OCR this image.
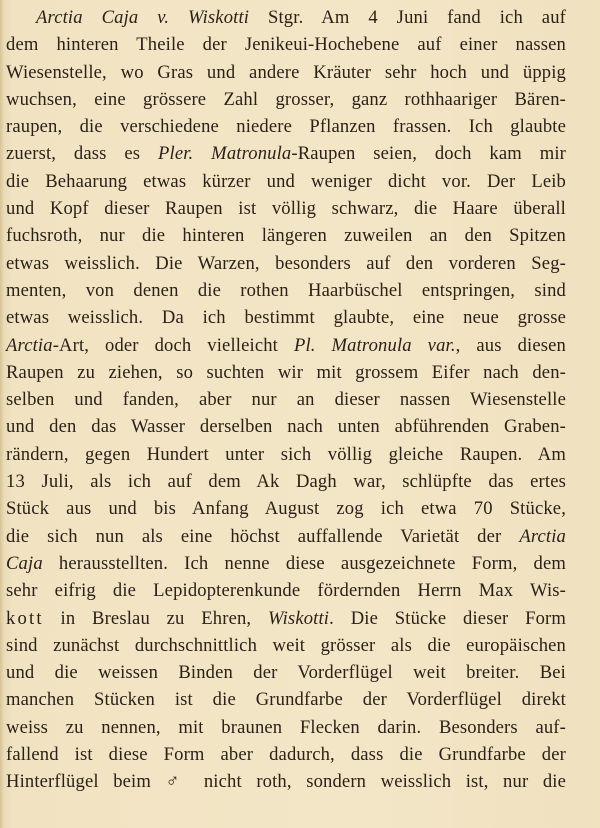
Arctia Caja v. Wiskotti Stgr. Am 4 Juni fand ich auf
dem hinteren Theile der Jenikeui-Hochebene auf einer nassen
Wiesenstelle, wo Gras und andere Kräuter sehr hoch und üppig
wuchsen, eine grössere Zahl grosser, ganz rothhaariger Bären-
raupen, die verschiedene niedere Pflanzen frassen. Ich glaubte
zuerst, dass es Pler. Matronula-Raupen seien, doch kam mir
die Behaarung etwas kürzer und weniger dicht vor. Der Leib
und Kopf dieser Raupen ist völlig schwarz, die Haare überall
fuchsroth, nur die hinteren längeren zuweilen an den Spitzen
etwas weisslich. Die Warzen, besonders auf den vorderen Seg-
menten, von denen die rothen Haarbüschel entspringen, sind
etwas weisslich. Da ich bestimmt glaubte, eine neue grosse
Arctia-Art, oder doch vielleicht Pl. Matronula var., aus diesen
Raupen zu ziehen, so suchten wir mit grossem Eifer nach den-
selben und fanden, aber nur an dieser nassen Wiesenstelle
und den das Wasser derselben nach unten abführenden Graben-
rändern, gegen Hundert unter sich völlig gleiche Raupen. Am
13 Juli, als ich auf dem Ak Dagh war, schlüpfte das ertes
Stück aus und bis Anfang August zog ich etwa 70 Stücke,
die sich nun als eine höchst auffallende Varietät der Arctia
Caja herausstellten. Ich nenne diese ausgezeichnete Form, dem
sehr eifrig die Lepidopterenkunde fördernden Herrn Max Wis-
kott in Breslau zu Ehren, Wiskotti. Die Stücke dieser Form
sind zunächst durchschnittlich weit grösser als die europäischen
und die weissen Binden der Vorderflügel weit breiter. Bei
manchen Stücken ist die Grundfarbe der Vorderflügel direkt
weiss zu nennen, mit braunen Flecken darin. Besonders auf-
fallend ist diese Form aber dadurch, dass die Grundfarbe der
Hinterflügel beim ♂ nicht roth, sondern weisslich ist, nur die
